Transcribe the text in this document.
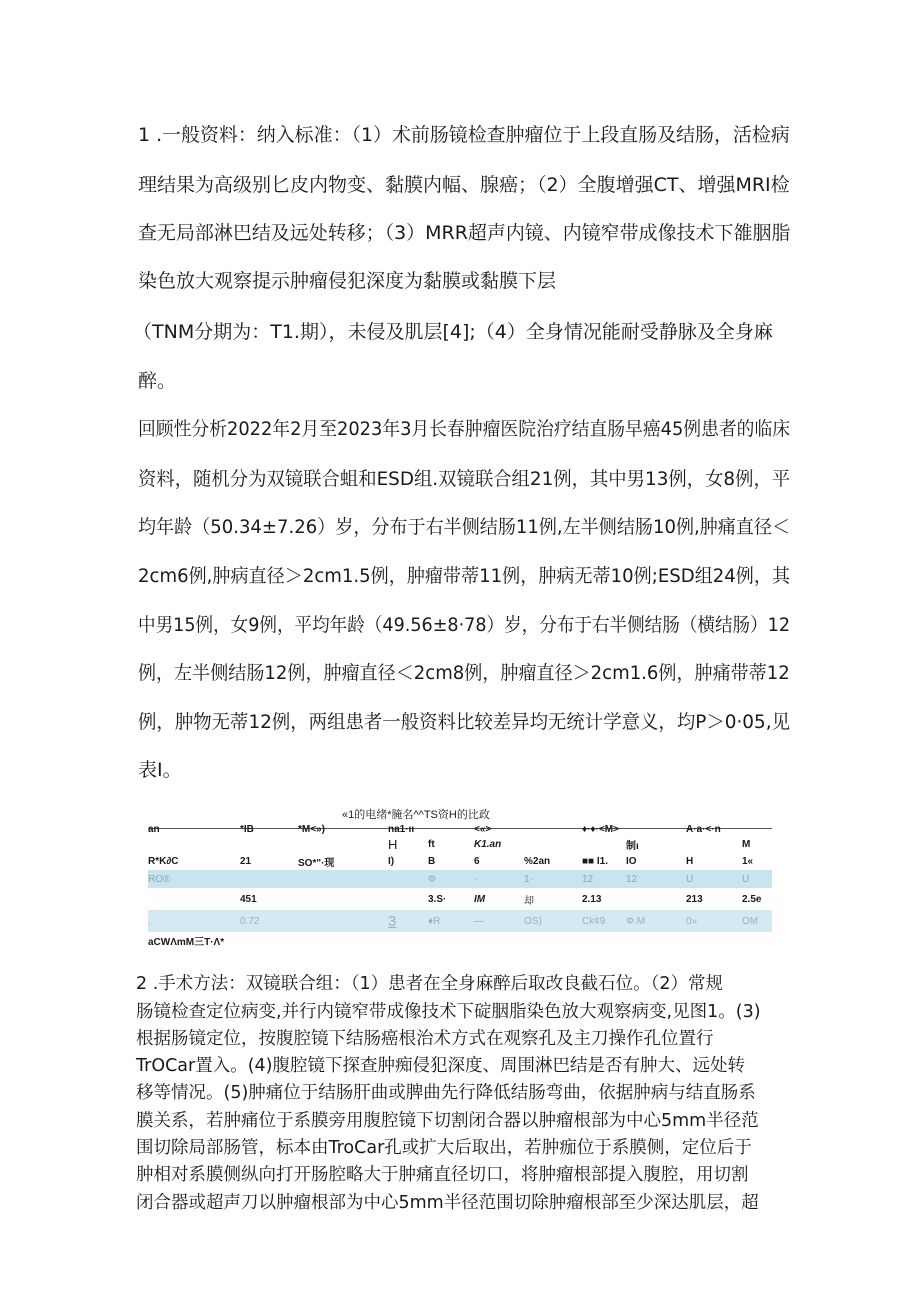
1 .一般资料：纳入标准：（1）术前肠镜检查肿瘤位于上段直肠及结肠，活检病
理结果为高级别匕皮内物变、黏膜内幅、腺癌；（2）全腹增强CT、增强MRI检
查无局部淋巴结及远处转移；（3）MRR超声内镜、内镜窄带成像技术下雒胭脂
染色放大观察提示肿瘤侵犯深度为黏膜或黏膜下层
（TNM分期为：T1.期），未侵及肌层[4];（4）全身情况能耐受静脉及全身麻
醉。
回顾性分析2022年2月至2023年3月长春肿瘤医院治疗结直肠早癌45例患者的临床
资料，随机分为双镜联合蛆和ESD组.双镜联合组21例，其中男13例，女8例，平
均年龄（50.34±7.26）岁，分布于右半侧结肠11例,左半侧结肠10例,肿痛直径＜
2cm6例,肿病直径＞2cm1.5例，肿瘤带蒂11例，肿病无蒂10例;ESD组24例，其
中男15例，女9例，平均年龄（49.56±8·78）岁，分布于右半侧结肠（横结肠）12
例，左半侧结肠12例，肿瘤直径＜2cm8例，肿瘤直径＞2cm1.6例，肿痛带蒂12
例，肿物无蒂12例，两组患者一般资料比较差异均无统计学意义，均P＞0·05,见
表I。
«1的电绪*腌名^^TS资H的比政
an	*IB	*M<»)	na1·ıı		<«>		♦·♦·<M>		A·a·<·n	
			H	ft	K1.an			制ı		M
R*K∂C	21	SO*"·现	I)	B	6	%2an	■■ I1.	IO	H	1«
RO®				Φ	·	1·	12	12	U	U
	451			3.S·	IM	却	2.13		213	2.5e
.	0.72		3	♦R	—	OS)	Ck¢9	Φ.M	0»	OM
aCWΛmM三T·Λ*
2 .手术方法：双镜联合组：（1）患者在全身麻醉后取改良截石位。（2）常规
肠镜检查定位病变,并行内镜窄带成像技术下碇胭脂染色放大观察病变,见图1。(3)
根据肠镜定位，按腹腔镜下结肠癌根治术方式在观察孔及主刀操作孔位置行
TrOCar置入。(4)腹腔镜下探查肿痴侵犯深度、周围淋巴结是否有肿大、远处转
移等情况。(5)肿痛位于结肠肝曲或脾曲先行降低结肠弯曲，依据肿病与结直肠系
膜关系，若肿痛位于系膜旁用腹腔镜下切割闭合器以肿瘤根部为中心5mm半径范
围切除局部肠管，标本由TroCar孔或扩大后取出，若肿痂位于系膜侧，定位后于
肿相对系膜侧纵向打开肠腔略大于肿痛直径切口，将肿瘤根部提入腹腔，用切割
闭合器或超声刀以肿瘤根部为中心5mm半径范围切除肿瘤根部至少深达肌层，超
